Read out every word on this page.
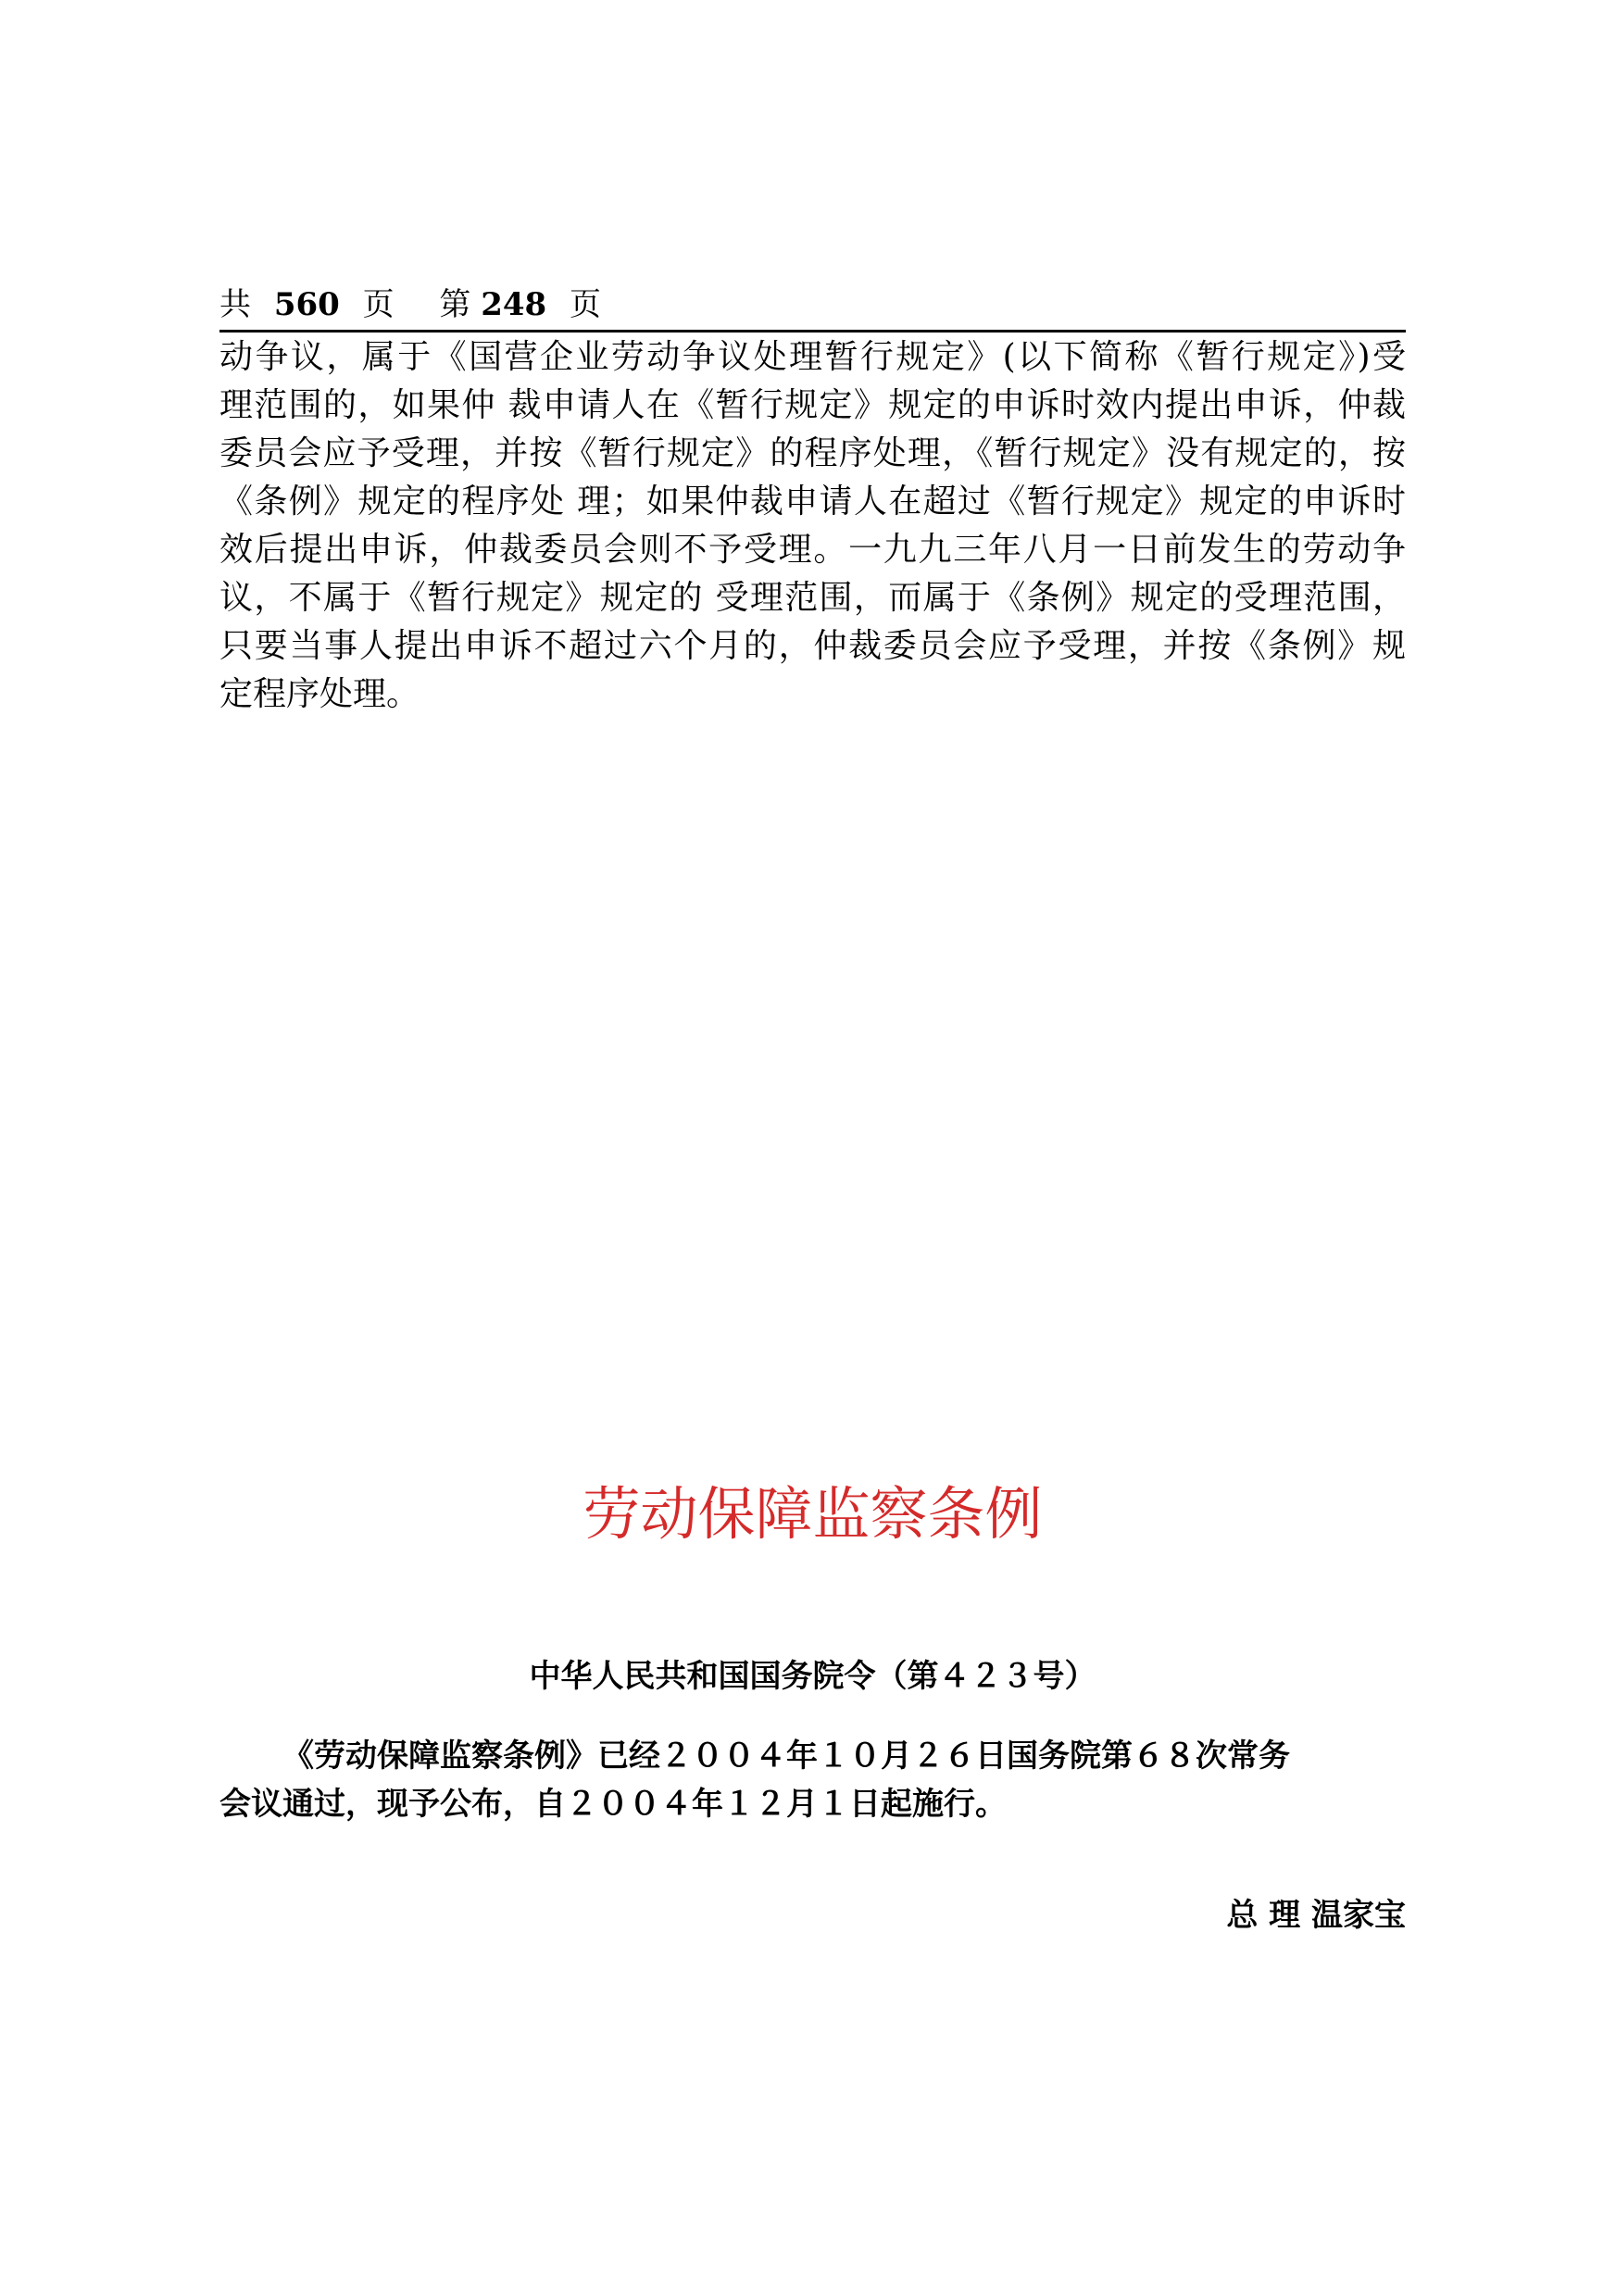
共 560 页 第 248 页
动争议，属于《国营企业劳动争议处理暂行规定》(以下简称《暂行规定》)受
理范围的，如果仲 裁申请人在《暂行规定》规定的申诉时效内提出申诉，仲裁
委员会应予受理，并按《暂行规定》的程序处理，《暂行规定》没有规定的，按
《条例》规定的程序处 理；如果仲裁申请人在超过《暂行规定》规定的申诉时
效后提出申诉，仲裁委员会则不予受理。一九九三年八月一日前发生的劳动争
议，不属于《暂行规定》规定的 受理范围，而属于《条例》规定的受理范围，
只要当事人提出申诉不超过六个月的，仲裁委员会应予受理，并按《条例》规
定程序处理。
劳动保障监察条例
中华人民共和国国务院令（第４２３号）
《劳动保障监察条例》已经２００４年１０月２６日国务院第６８次常务
会议通过，现予公布，自２００４年１２月１日起施行。
总 理 温家宝
